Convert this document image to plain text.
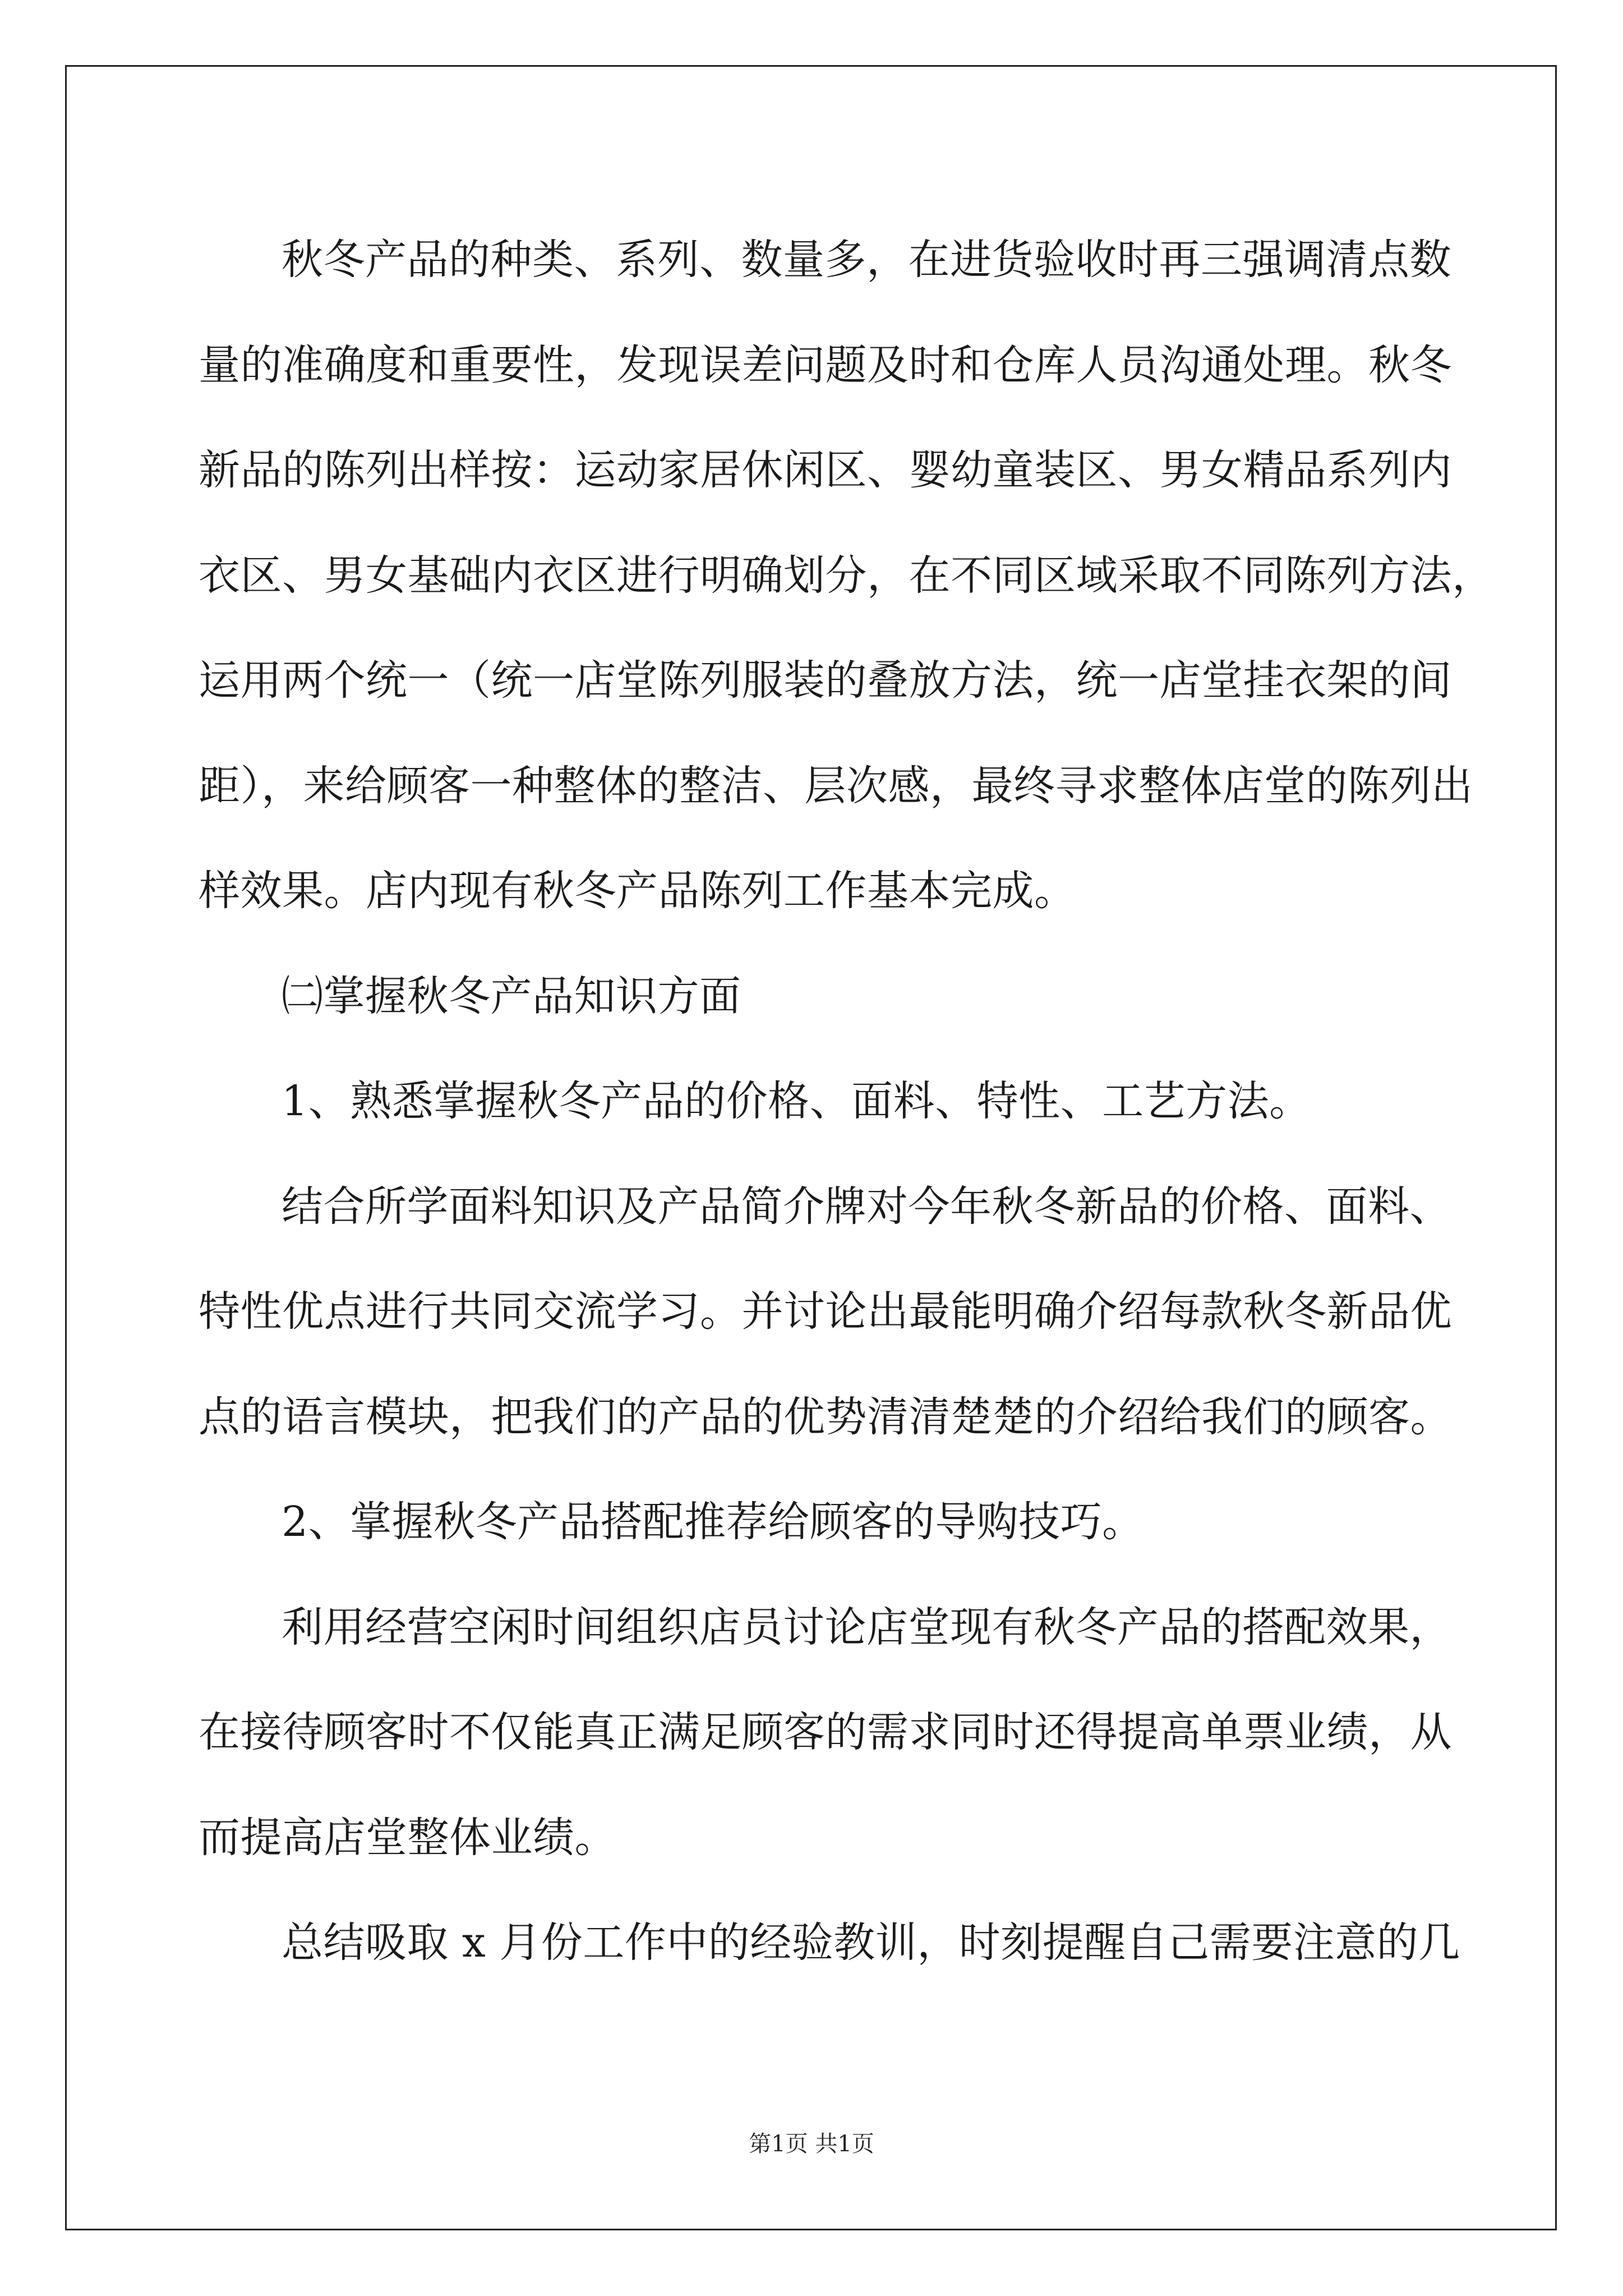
秋冬产品的种类、系列、数量多，在进货验收时再三强调清点数
量的准确度和重要性，发现误差问题及时和仓库人员沟通处理。秋冬
新品的陈列出样按：运动家居休闲区、婴幼童装区、男女精品系列内
衣区、男女基础内衣区进行明确划分，在不同区域采取不同陈列方法，
运用两个统一（统一店堂陈列服装的叠放方法，统一店堂挂衣架的间
距），来给顾客一种整体的整洁、层次感，最终寻求整体店堂的陈列出
样效果。店内现有秋冬产品陈列工作基本完成。
㈡掌握秋冬产品知识方面
1、熟悉掌握秋冬产品的价格、面料、特性、工艺方法。
结合所学面料知识及产品简介牌对今年秋冬新品的价格、面料、
特性优点进行共同交流学习。并讨论出最能明确介绍每款秋冬新品优
点的语言模块，把我们的产品的优势清清楚楚的介绍给我们的顾客。
2、掌握秋冬产品搭配推荐给顾客的导购技巧。
利用经营空闲时间组织店员讨论店堂现有秋冬产品的搭配效果，
在接待顾客时不仅能真正满足顾客的需求同时还得提高单票业绩，从
而提高店堂整体业绩。
总结吸取 x 月份工作中的经验教训，时刻提醒自己需要注意的几
第1页 共1页
